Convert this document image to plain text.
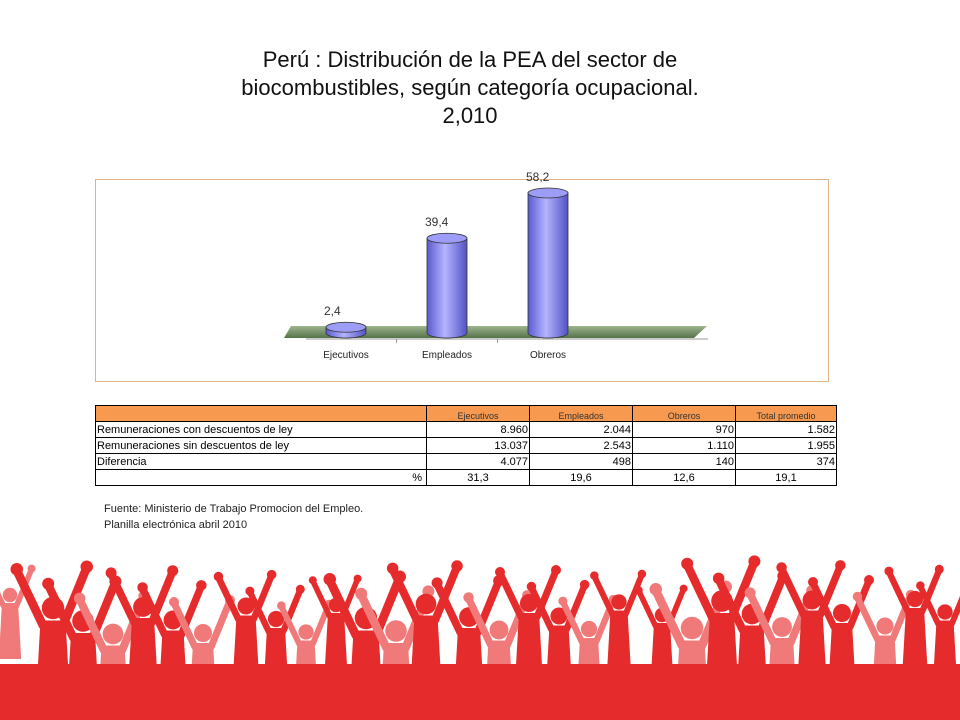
Perú : Distribución de la PEA del sector de
biocombustibles, según categoría ocupacional.
2,010
2,4
Ejecutivos
39,4
Empleados
58,2
Obreros
	Ejecutivos	Empleados	Obreros	Total promedio
Remuneraciones con descuentos de ley	8.960	2.044	970	1.582
Remuneraciones sin descuentos de ley	13.037	2.543	1.110	1.955
Diferencia	4.077	498	140	374
%	31,3	19,6	12,6	19,1
Fuente: Ministerio de Trabajo Promocion del Empleo.
Planilla electrónica abril 2010
